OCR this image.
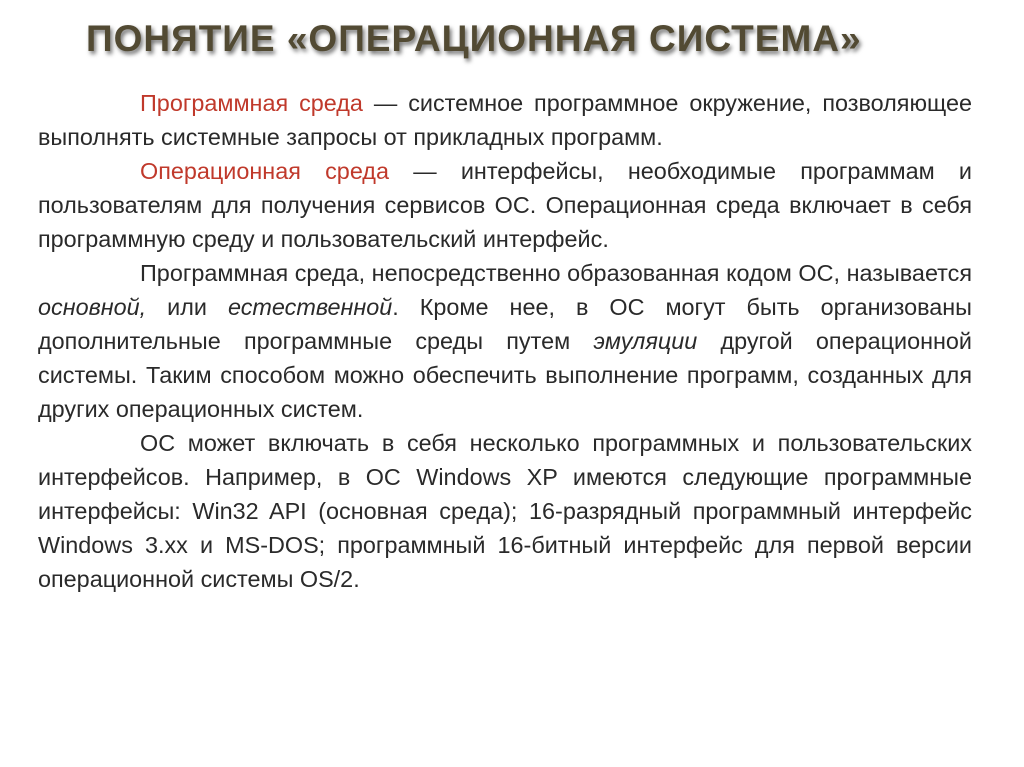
ПОНЯТИЕ «ОПЕРАЦИОННАЯ СИСТЕМА»

Программная среда — системное программное окружение, позволяющее выполнять системные запросы от прикладных программ.

Операционная среда — интерфейсы, необходимые программам и пользователям для получения сервисов ОС. Операционная среда включает в себя программную среду и пользовательский интерфейс.

Программная среда, непосредственно образованная кодом ОС, называется основной, или естественной. Кроме нее, в ОС могут быть организованы дополнительные программные среды путем эмуляции другой операционной системы. Таким способом можно обеспечить выполнение программ, созданных для других операционных систем.

ОС может включать в себя несколько программных и пользовательских интерфейсов. Например, в ОС Windows XP имеются следующие программные интерфейсы: Win32 API (основная среда); 16-разрядный программный интерфейс Windows 3.xx и MS-DOS; программный 16-битный интерфейс для первой версии операционной системы OS/2.
